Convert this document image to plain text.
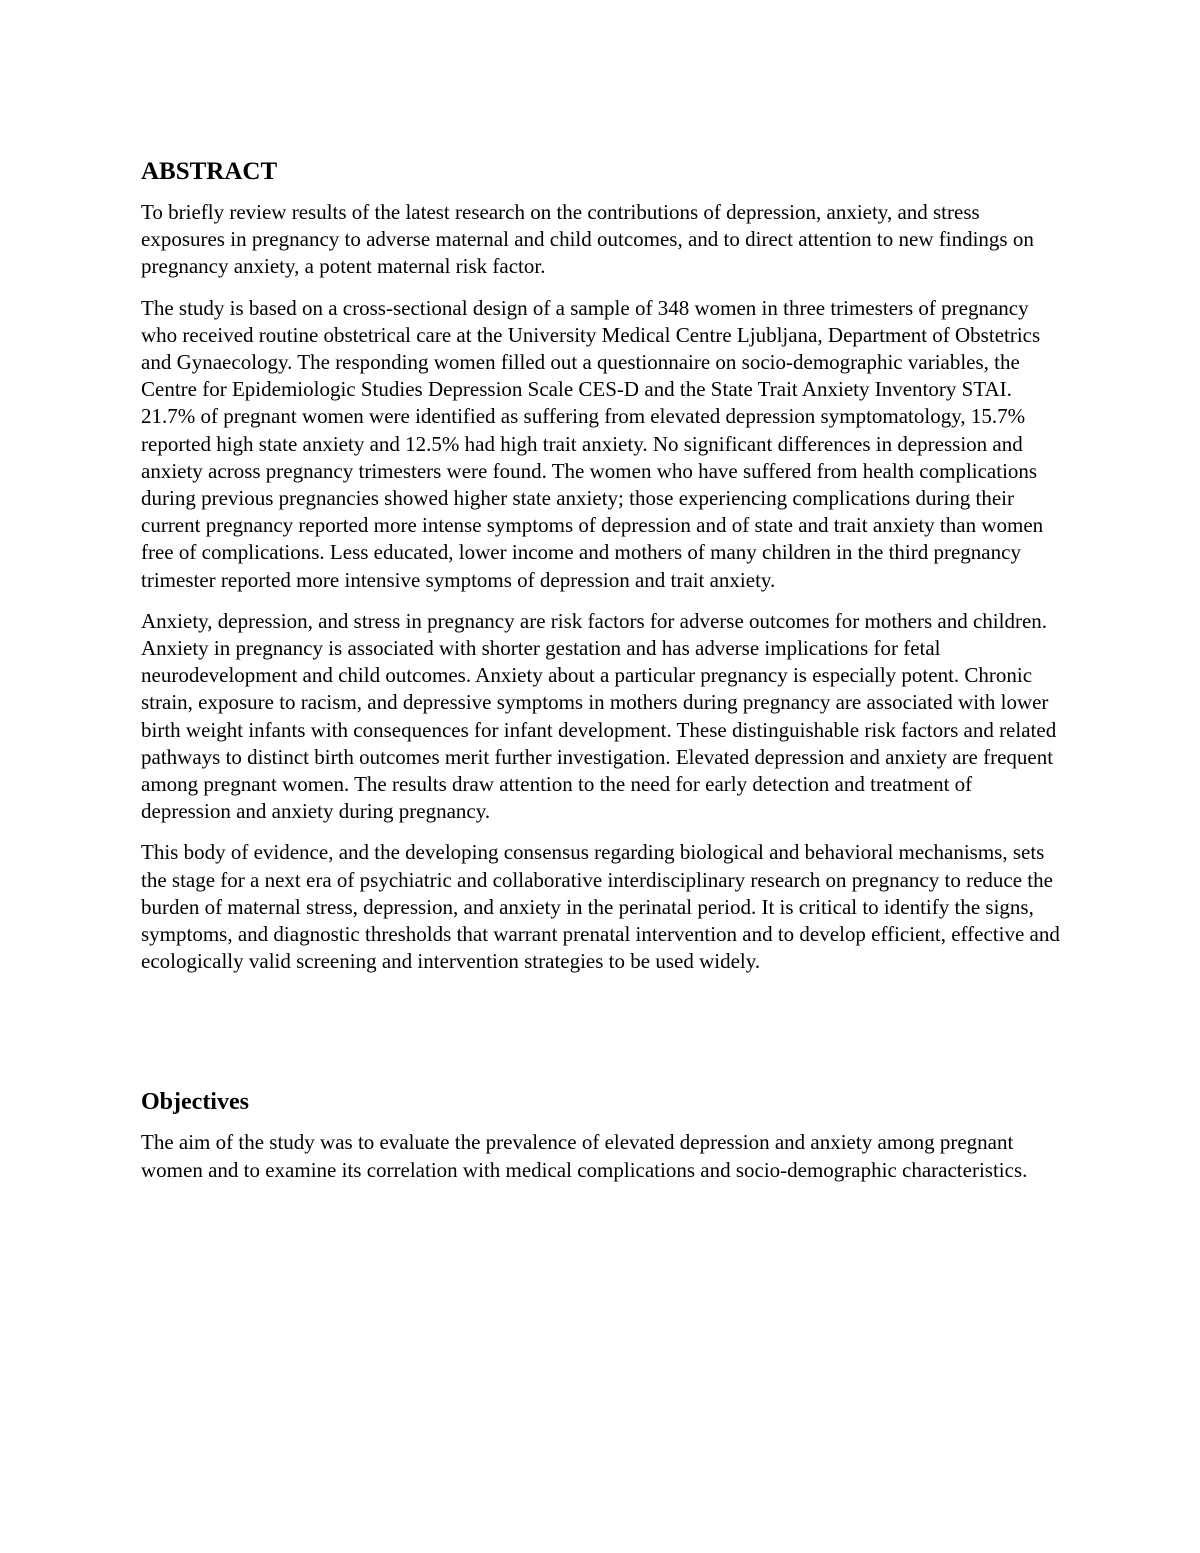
ABSTRACT

To briefly review results of the latest research on the contributions of depression, anxiety, and stress exposures in pregnancy to adverse maternal and child outcomes, and to direct attention to new findings on pregnancy anxiety, a potent maternal risk factor.

The study is based on a cross-sectional design of a sample of 348 women in three trimesters of pregnancy who received routine obstetrical care at the University Medical Centre Ljubljana, Department of Obstetrics and Gynaecology. The responding women filled out a questionnaire on socio-demographic variables, the Centre for Epidemiologic Studies Depression Scale CES-D and the State Trait Anxiety Inventory STAI. 21.7% of pregnant women were identified as suffering from elevated depression symptomatology, 15.7% reported high state anxiety and 12.5% had high trait anxiety. No significant differences in depression and anxiety across pregnancy trimesters were found. The women who have suffered from health complications during previous pregnancies showed higher state anxiety; those experiencing complications during their current pregnancy reported more intense symptoms of depression and of state and trait anxiety than women free of complications. Less educated, lower income and mothers of many children in the third pregnancy trimester reported more intensive symptoms of depression and trait anxiety.

Anxiety, depression, and stress in pregnancy are risk factors for adverse outcomes for mothers and children. Anxiety in pregnancy is associated with shorter gestation and has adverse implications for fetal neurodevelopment and child outcomes. Anxiety about a particular pregnancy is especially potent. Chronic strain, exposure to racism, and depressive symptoms in mothers during pregnancy are associated with lower birth weight infants with consequences for infant development. These distinguishable risk factors and related pathways to distinct birth outcomes merit further investigation. Elevated depression and anxiety are frequent among pregnant women. The results draw attention to the need for early detection and treatment of depression and anxiety during pregnancy.

This body of evidence, and the developing consensus regarding biological and behavioral mechanisms, sets the stage for a next era of psychiatric and collaborative interdisciplinary research on pregnancy to reduce the burden of maternal stress, depression, and anxiety in the perinatal period. It is critical to identify the signs, symptoms, and diagnostic thresholds that warrant prenatal intervention and to develop efficient, effective and ecologically valid screening and intervention strategies to be used widely.

Objectives

The aim of the study was to evaluate the prevalence of elevated depression and anxiety among pregnant women and to examine its correlation with medical complications and socio-demographic characteristics.
